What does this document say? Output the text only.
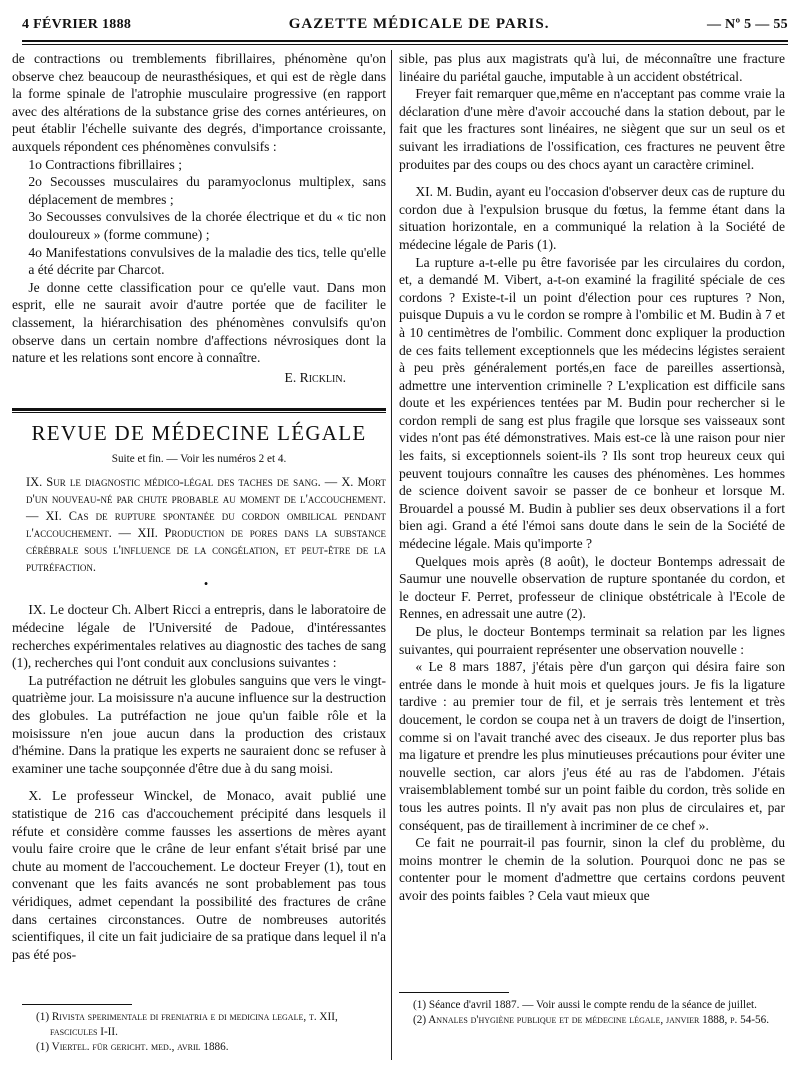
4 FÉVRIER 1888	GAZETTE MÉDICALE DE PARIS.	— Nº 5 — 55

de contractions ou tremblements fibrillaires, phénomène qu'on observe chez beaucoup de neurasthésiques, et qui est de règle dans la forme spinale de l'atrophie musculaire progressive (en rapport avec des altérations de la substance grise des cornes antérieures, on peut établir l'échelle suivante des degrés, d'importance croissante, auxquels répondent ces phénomènes convulsifs :

1o Contractions fibrillaires ;

2o Secousses musculaires du paramyoclonus multiplex, sans déplacement de membres ;

3o Secousses convulsives de la chorée électrique et du « tic non douloureux » (forme commune) ;

4o Manifestations convulsives de la maladie des tics, telle qu'elle a été décrite par Charcot.

Je donne cette classification pour ce qu'elle vaut. Dans mon esprit, elle ne saurait avoir d'autre portée que de faciliter le classement, la hiérarchisation des phénomènes convulsifs qu'on observe dans un certain nombre d'affections névrosiques dont la nature et les relations sont encore à connaître.

E. Ricklin.
REVUE DE MÉDECINE LÉGALE
Suite et fin. — Voir les numéros 2 et 4.
IX. Sur le diagnostic médico-légal des taches de sang. — X. Mort d'un nouveau-né par chute probable au moment de l'accouchement. — XI. Cas de rupture spontanée du cordon ombilical pendant l'accouchement. — XII. Production de pores dans la substance cérébrale sous l'influence de la congélation, et peut-être de la putréfaction.
•

IX. Le docteur Ch. Albert Ricci a entrepris, dans le laboratoire de médecine légale de l'Université de Padoue, d'intéressantes recherches expérimentales relatives au diagnostic des taches de sang (1), recherches qui l'ont conduit aux conclusions suivantes :

La putréfaction ne détruit les globules sanguins que vers le vingt-quatrième jour. La moisissure n'a aucune influence sur la destruction des globules. La putréfaction ne joue qu'un faible rôle et la moisissure n'en joue aucun dans la production des cristaux d'hémine. Dans la pratique les experts ne sauraient donc se refuser à examiner une tache soupçonnée d'être due à du sang moisi.

X. Le professeur Winckel, de Monaco, avait publié une statistique de 216 cas d'accouchement précipité dans lesquels il réfute et considère comme fausses les assertions de mères ayant voulu faire croire que le crâne de leur enfant s'était brisé par une chute au moment de l'accouchement. Le docteur Freyer (1), tout en convenant que les faits avancés ne sont probablement pas tous véridiques, admet cependant la possibilité des fractures de crâne dans certaines circonstances. Outre de nombreuses autorités scientifiques, il cite un fait judiciaire de sa pratique dans lequel il n'a pas été pos-

sible, pas plus aux magistrats qu'à lui, de méconnaître une fracture linéaire du pariétal gauche, imputable à un accident obstétrical.

Freyer fait remarquer que,même en n'acceptant pas comme vraie la déclaration d'une mère d'avoir accouché dans la station debout, par le fait que les fractures sont linéaires, ne siègent que sur un seul os et suivant les irradiations de l'ossification, ces fractures ne peuvent être produites par des coups ou des chocs ayant un caractère criminel.

XI. M. Budin, ayant eu l'occasion d'observer deux cas de rupture du cordon due à l'expulsion brusque du fœtus, la femme étant dans la situation horizontale, en a communiqué la relation à la Société de médecine légale de Paris (1).

La rupture a-t-elle pu être favorisée par les circulaires du cordon, et, a demandé M. Vibert, a-t-on examiné la fragilité spéciale de ces cordons ? Existe-t-il un point d'élection pour ces ruptures ? Non, puisque Dupuis a vu le cordon se rompre à l'ombilic et M. Budin à 7 et à 10 centimètres de l'ombilic. Comment donc expliquer la production de ces faits tellement exceptionnels que les médecins légistes seraient à peu près généralement portés,en face de pareilles assertionsà, admettre une intervention criminelle ? L'explication est difficile sans doute et les expériences tentées par M. Budin pour rechercher si le cordon rempli de sang est plus fragile que lorsque ses vaisseaux sont vides n'ont pas été démonstratives. Mais est-ce là une raison pour nier les faits, si exceptionnels soient-ils ? Ils sont trop heureux ceux qui peuvent toujours connaître les causes des phénomènes. Les hommes de science doivent savoir se passer de ce bonheur et lorsque M. Brouardel a poussé M. Budin à publier ses deux observations il a fort bien agi. Grand a été l'émoi sans doute dans le sein de la Société de médecine légale. Mais qu'importe ?

Quelques mois après (8 août), le docteur Bontemps adressait de Saumur une nouvelle observation de rupture spontanée du cordon, et le docteur F. Perret, professeur de clinique obstétricale à l'Ecole de Rennes, en adressait une autre (2).

De plus, le docteur Bontemps terminait sa relation par les lignes suivantes, qui pourraient représenter une observation nouvelle :

« Le 8 mars 1887, j'étais père d'un garçon qui désira faire son entrée dans le monde à huit mois et quelques jours. Je fis la ligature tardive : au premier tour de fil, et je serrais très lentement et très doucement, le cordon se coupa net à un travers de doigt de l'insertion, comme si on l'avait tranché avec des ciseaux. Je dus reporter plus bas ma ligature et prendre les plus minutieuses précautions pour éviter une nouvelle section, car alors j'eus été au ras de l'abdomen. J'étais vraisemblablement tombé sur un point faible du cordon, très solide en tous les autres points. Il n'y avait pas non plus de circulaires et, par conséquent, pas de tiraillement à incriminer de ce chef ».

Ce fait ne pourrait-il pas fournir, sinon la clef du problème, du moins montrer le chemin de la solution. Pourquoi donc ne pas se contenter pour le moment d'admettre que certains cordons peuvent avoir des points faibles ? Cela vaut mieux que

(1) Rivista sperimentale di freniatria e di medicina legale, t. XII, fascicules I-II.

(1) Viertel. für gericht. med., avril 1886.

(1) Séance d'avril 1887. — Voir aussi le compte rendu de la séance de juillet.

(2) Annales d'hygiène publique et de médecine légale, janvier 1888, p. 54-56.
